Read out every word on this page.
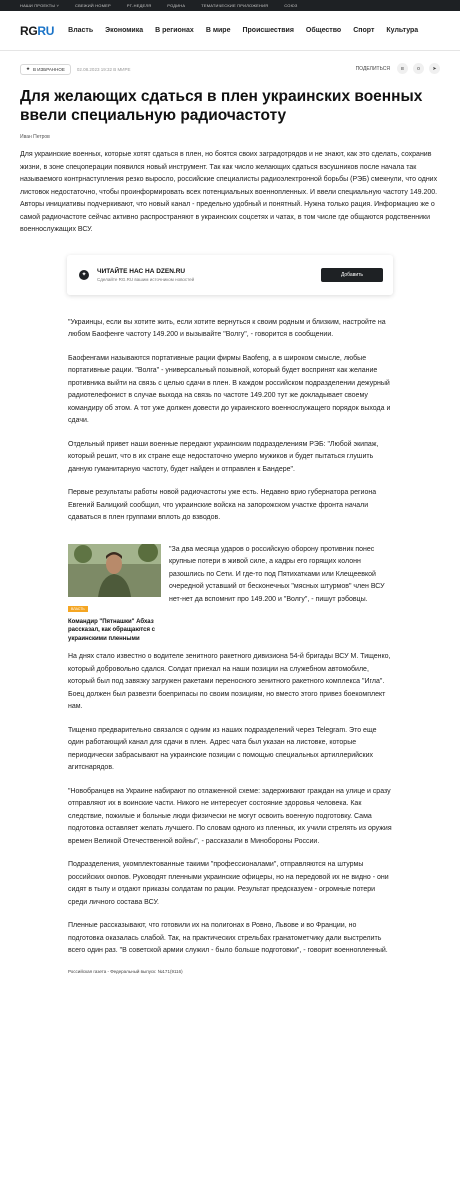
НАШИ ПРОЕКТЫ ˅	СВЕЖИЙ НОМЕР	РГ-НЕДЕЛЯ	РОДИНА	ТЕМАТИЧЕСКИЕ ПРИЛОЖЕНИЯ	СОЮЗ
RGRU Власть Экономика В регионах В мире Происшествия Общество Спорт Культура
★ В ИЗБРАННОЕ	02.08.2023 19:32 В МИРЕ	ПОДЕЛИТЬСЯ	в	о	➤
Для желающих сдаться в плен украинских военных ввели специальную радиочастоту
Иван Петров

Для украинские военных, которые хотят сдаться в плен, но боятся своих заградотрядов и не знают, как это сделать, сохранив жизни, в зоне спецоперации появился новый инструмент. Так как число желающих сдаться вэсушников после начала так называемого контрнаступления резко выросло, российские специалисты радиоэлектронной борьбы (РЭБ) смекнули, что одних листовок недостаточно, чтобы проинформировать всех потенциальных военнопленных. И ввели специальную частоту 149.200. Авторы инициативы подчеркивают, что новый канал - предельно удобный и понятный. Нужна только рация. Информацию же о самой радиочастоте сейчас активно распространяют в украинских соцсетях и чатах, в том числе где общаются родственники военнослужащих ВСУ.

✦
ЧИТАЙТЕ НАС НА DZEN.RU
Сделайте RG.RU вашим источником новостей
Добавить

"Украинцы, если вы хотите жить, если хотите вернуться к своим родным и близким, настройте на любом Баофенге частоту 149.200 и вызывайте "Волгу", - говорится в сообщении.

Баофенгами называются портативные рации фирмы Baofeng, а в широком смысле, любые портативные рации. "Волга" - универсальный позывной, который будет воспринят как желание противника выйти на связь с целью сдачи в плен. В каждом российском подразделении дежурный радиотелефонист в случае выхода на связь по частоте 149.200 тут же докладывает своему командиру об этом. А тот уже должен довести до украинского военнослужащего порядок выхода и сдачи.

Отдельный привет наши военные передают украинским подразделениям РЭБ: "Любой экипаж, который решит, что в их стране еще недостаточно умерло мужиков и будет пытаться глушить данную гуманитарную частоту, будет найден и отправлен к Бандере".

Первые результаты работы новой радиочастоты уже есть. Недавно врио губернатора региона Евгений Балицкий сообщил, что украинские войска на запорожском участке фронта начали сдаваться в плен группами вплоть до взводов.

ВЛАСТЬ
Командир "Пятнашки" Абхаз рассказал, как обращаются с украинскими пленными

"За два месяца ударов о российскую оборону противник понес крупные потери в живой силе, а кадры его горящих колонн разошлись по Сети. И где-то под Пятихатками или Клещеевкой очередной уставший от бесконечных "мясных штурмов" член ВСУ нет-нет да вспомнит про 149.200 и "Волгу", - пишут рэбовцы.

На днях стало известно о водителе зенитного ракетного дивизиона 54-й бригады ВСУ М. Тищенко, который добровольно сдался. Солдат приехал на наши позиции на служебном автомобиле, который был под завязку загружен ракетами переносного зенитного ракетного комплекса "Игла". Боец должен был развезти боеприпасы по своим позициям, но вместо этого привез боекомплект нам.

Тищенко предварительно связался с одним из наших подразделений через Telegram. Это еще один работающий канал для сдачи в плен. Адрес чата был указан на листовке, которые периодически забрасывают на украинские позиции с помощью специальных артиллерийских агитснарядов.

"Новобранцев на Украине набирают по отлаженной схеме: задерживают граждан на улице и сразу отправляют их в воинские части. Никого не интересует состояние здоровья человека. Как следствие, пожилые и больные люди физически не могут освоить военную подготовку. Сама подготовка оставляет желать лучшего. По словам одного из пленных, их учили стрелять из оружия времен Великой Отечественной войны", - рассказали в Минобороны России.

Подразделения, укомплектованные такими "профессионалами", отправляются на штурмы российских окопов. Руководят пленными украинские офицеры, но на передовой их не видно - они сидят в тылу и отдают приказы солдатам по рации. Результат предсказуем - огромные потери среди личного состава ВСУ.

Пленные рассказывают, что готовили их на полигонах в Ровно, Львове и во Франции, но подготовка оказалась слабой. Так, на практических стрельбах гранатометчику дали выстрелить всего один раз. "В советской армии служил - было больше подготовки", - говорит военнопленный.

Российская газета - Федеральный выпуск: №171(9116)
